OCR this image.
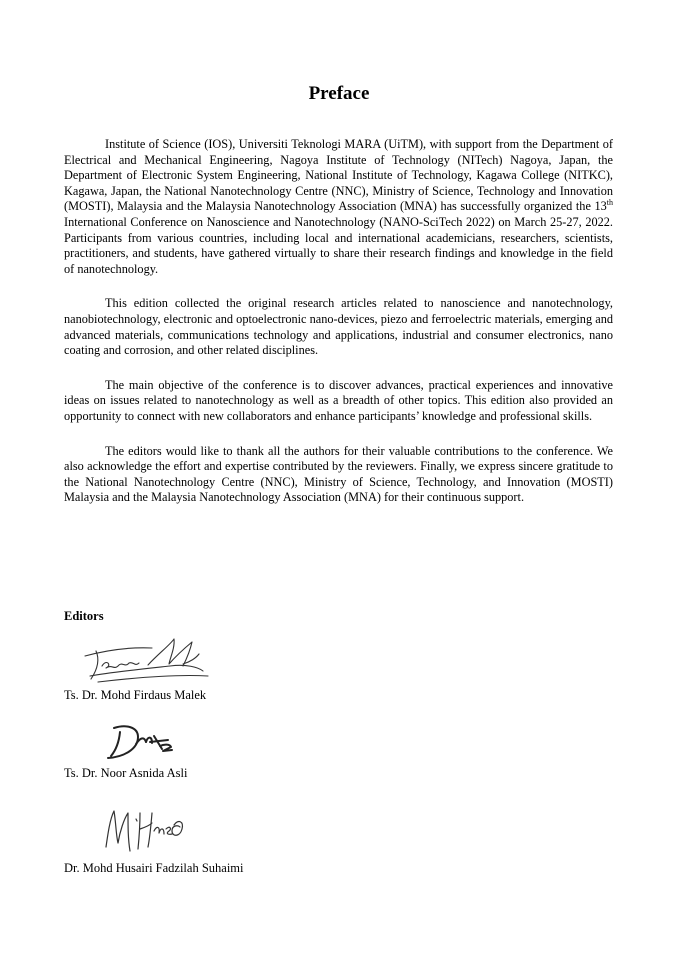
Preface

Institute of Science (IOS), Universiti Teknologi MARA (UiTM), with support from the Department of Electrical and Mechanical Engineering, Nagoya Institute of Technology (NITech) Nagoya, Japan, the Department of Electronic System Engineering, National Institute of Technology, Kagawa College (NITKC), Kagawa, Japan, the National Nanotechnology Centre (NNC), Ministry of Science, Technology and Innovation (MOSTI), Malaysia and the Malaysia Nanotechnology Association (MNA) has successfully organized the 13th International Conference on Nanoscience and Nanotechnology (NANO-SciTech 2022) on March 25-27, 2022. Participants from various countries, including local and international academicians, researchers, scientists, practitioners, and students, have gathered virtually to share their research findings and knowledge in the field of nanotechnology.

This edition collected the original research articles related to nanoscience and nanotechnology, nanobiotechnology, electronic and optoelectronic nano-devices, piezo and ferroelectric materials, emerging and advanced materials, communications technology and applications, industrial and consumer electronics, nano coating and corrosion, and other related disciplines.

The main objective of the conference is to discover advances, practical experiences and innovative ideas on issues related to nanotechnology as well as a breadth of other topics. This edition also provided an opportunity to connect with new collaborators and enhance participants’ knowledge and professional skills.

The editors would like to thank all the authors for their valuable contributions to the conference. We also acknowledge the effort and expertise contributed by the reviewers. Finally, we express sincere gratitude to the National Nanotechnology Centre (NNC), Ministry of Science, Technology, and Innovation (MOSTI) Malaysia and the Malaysia Nanotechnology Association (MNA) for their continuous support.

Editors
Ts. Dr. Mohd Firdaus Malek
Ts. Dr. Noor Asnida Asli
Dr. Mohd Husairi Fadzilah Suhaimi
